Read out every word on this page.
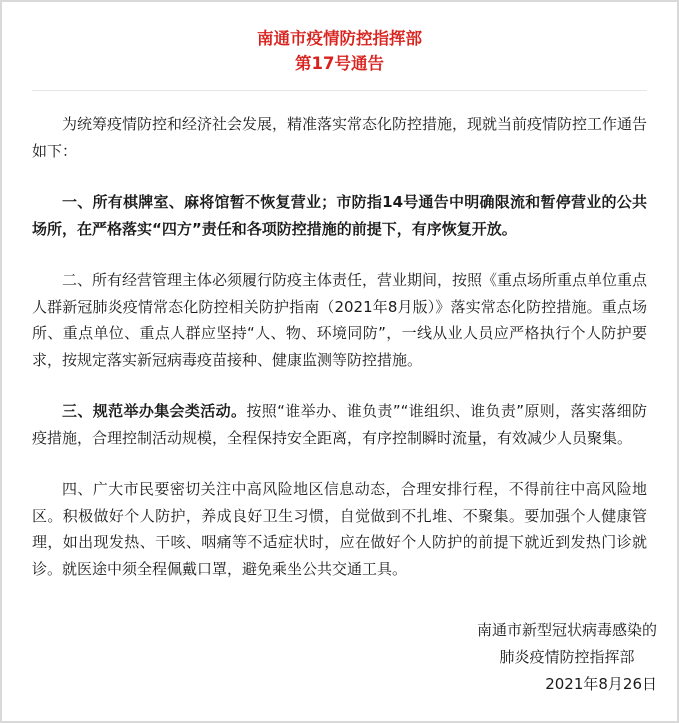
南通市疫情防控指挥部
第17号通告

为统筹疫情防控和经济社会发展，精准落实常态化防控措施，现就当前疫情防控工作通告如下：

一、所有棋牌室、麻将馆暂不恢复营业；市防指14号通告中明确限流和暂停营业的公共场所，在严格落实“四方”责任和各项防控措施的前提下，有序恢复开放。

二、所有经营管理主体必须履行防疫主体责任，营业期间，按照《重点场所重点单位重点人群新冠肺炎疫情常态化防控相关防护指南（2021年8月版）》落实常态化防控措施。重点场所、重点单位、重点人群应坚持“人、物、环境同防”，一线从业人员应严格执行个人防护要求，按规定落实新冠病毒疫苗接种、健康监测等防控措施。

三、规范举办集会类活动。按照“谁举办、谁负责”“谁组织、谁负责”原则，落实落细防疫措施，合理控制活动规模，全程保持安全距离，有序控制瞬时流量，有效减少人员聚集。

四、广大市民要密切关注中高风险地区信息动态，合理安排行程，不得前往中高风险地区。积极做好个人防护，养成良好卫生习惯，自觉做到不扎堆、不聚集。要加强个人健康管理，如出现发热、干咳、咽痛等不适症状时，应在做好个人防护的前提下就近到发热门诊就诊。就医途中须全程佩戴口罩，避免乘坐公共交通工具。

南通市新型冠状病毒感染的
肺炎疫情防控指挥部
2021年8月26日
